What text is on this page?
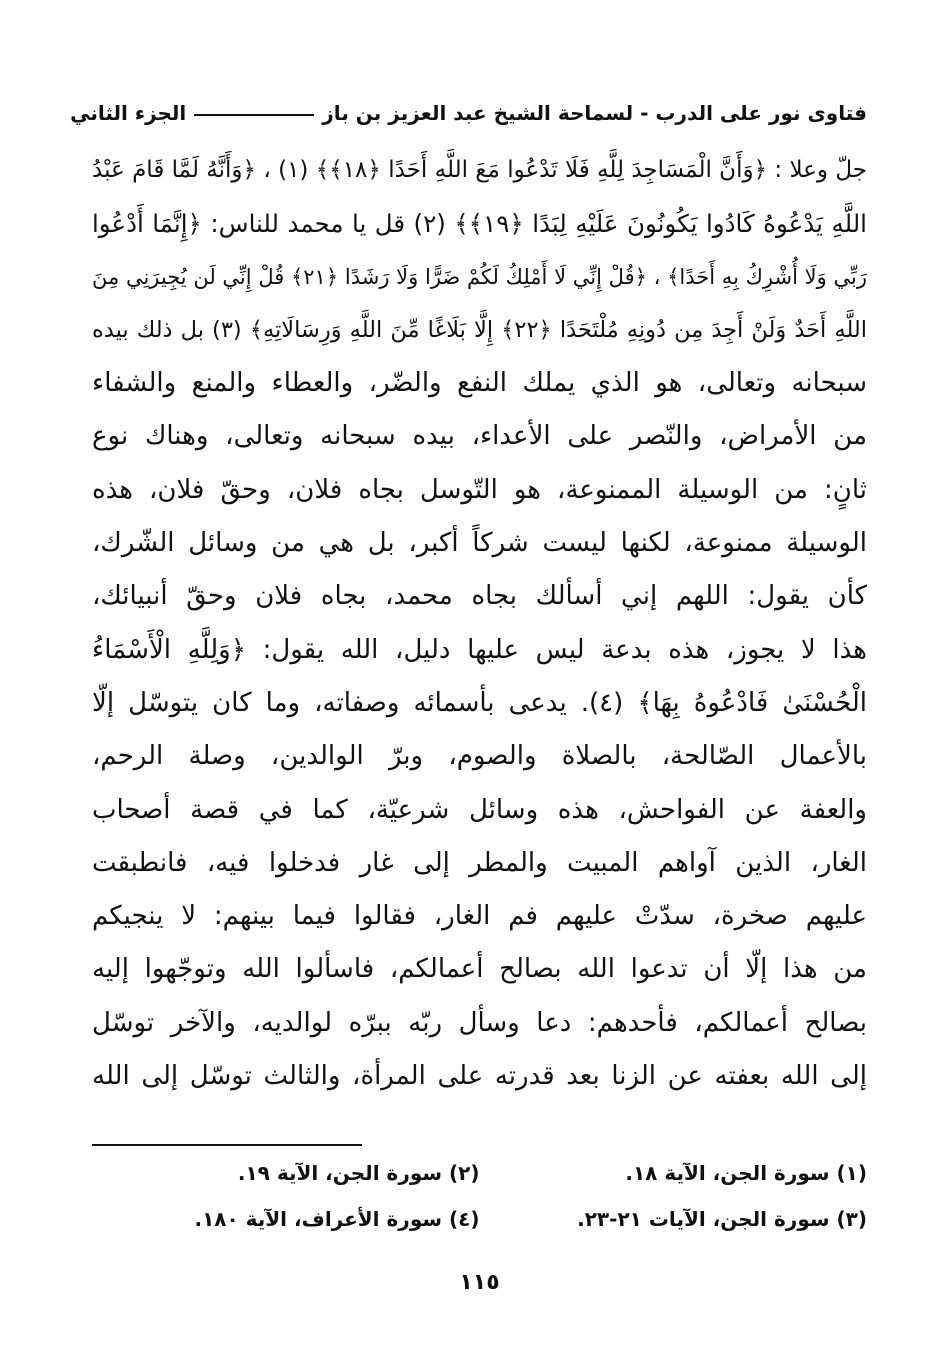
فتاوى نور على الدرب - لسماحة الشيخ عبد العزيز بن باز
الجزء الثاني
جلّ وعلا : ﴿وَأَنَّ الْمَسَاجِدَ لِلَّهِ فَلَا تَدْعُوا مَعَ اللَّهِ أَحَدًا ﴿١٨﴾﴾ (١) ، ﴿وَأَنَّهُ لَمَّا قَامَ عَبْدُ
اللَّهِ يَدْعُوهُ كَادُوا يَكُونُونَ عَلَيْهِ لِبَدًا ﴿١٩﴾﴾ (٢) قل يا محمد للناس: ﴿إِنَّمَا أَدْعُوا
رَبِّي وَلَا أُشْرِكُ بِهِ أَحَدًا﴾ ، ﴿قُلْ إِنِّي لَا أَمْلِكُ لَكُمْ ضَرًّا وَلَا رَشَدًا ﴿٢١﴾ قُلْ إِنِّي لَن يُجِيرَنِي مِنَ
اللَّهِ أَحَدٌ وَلَنْ أَجِدَ مِن دُونِهِ مُلْتَحَدًا ﴿٢٢﴾ إِلَّا بَلَاغًا مِّنَ اللَّهِ وَرِسَالَاتِهِ﴾ (٣) بل ذلك بيده
سبحانه وتعالى، هو الذي يملك النفع والضّر، والعطاء والمنع والشفاء
من الأمراض، والنّصر على الأعداء، بيده سبحانه وتعالى، وهناك نوع
ثانٍ: من الوسيلة الممنوعة، هو التّوسل بجاه فلان، وحقّ فلان، هذه
الوسيلة ممنوعة، لكنها ليست شركاً أكبر، بل هي من وسائل الشّرك،
كأن يقول: اللهم إني أسألك بجاه محمد، بجاه فلان وحقّ أنبيائك،
هذا لا يجوز، هذه بدعة ليس عليها دليل، الله يقول: ﴿وَلِلَّهِ الْأَسْمَاءُ
الْحُسْنَىٰ فَادْعُوهُ بِهَا﴾ (٤). يدعى بأسمائه وصفاته، وما كان يتوسّل إلّا
بالأعمال الصّالحة، بالصلاة والصوم، وبرّ الوالدين، وصلة الرحم،
والعفة عن الفواحش، هذه وسائل شرعيّة، كما في قصة أصحاب
الغار، الذين آواهم المبيت والمطر إلى غار فدخلوا فيه، فانطبقت
عليهم صخرة، سدّتْ عليهم فم الغار، فقالوا فيما بينهم: لا ينجيكم
من هذا إلّا أن تدعوا الله بصالح أعمالكم، فاسألوا الله وتوجّهوا إليه
بصالح أعمالكم، فأحدهم: دعا وسأل ربّه ببرّه لوالديه، والآخر توسّل
إلى الله بعفته عن الزنا بعد قدرته على المرأة، والثالث توسّل إلى الله
(١) سورة الجن، الآية ١٨.
(٢) سورة الجن، الآية ١٩.
(٣) سورة الجن، الآيات ٢١-٢٣.
(٤) سورة الأعراف، الآية ١٨٠.
١١٥
